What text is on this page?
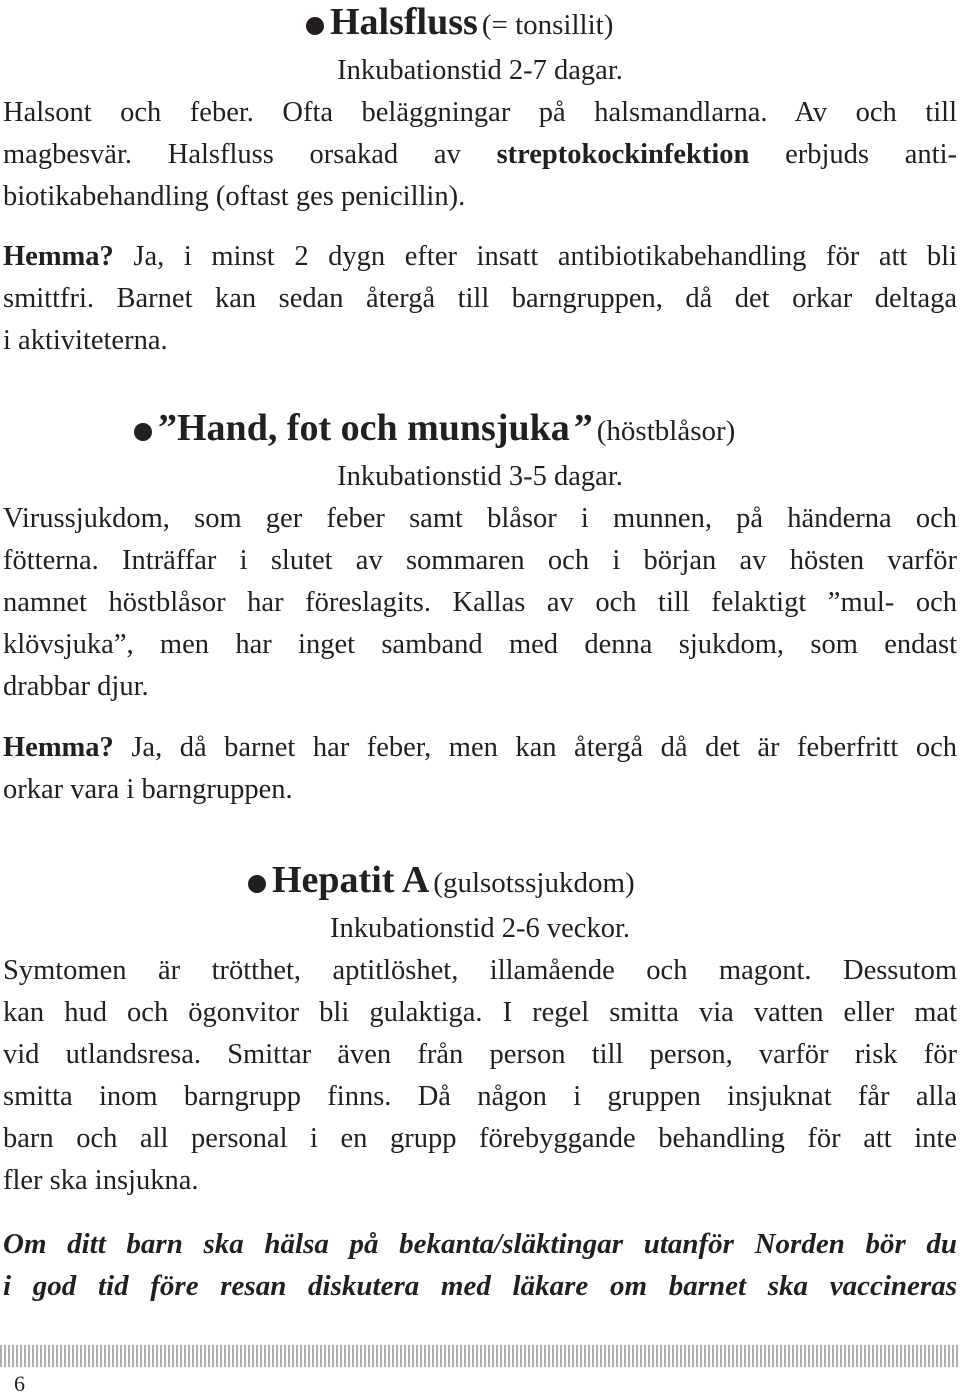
Halsfluss (= tonsillit)
Inkubationstid 2-7 dagar.
Halsont och feber. Ofta beläggningar på halsmandlarna. Av och till
magbesvär. Halsfluss orsakad av streptokockinfektion erbjuds anti-
biotikabehandling (oftast ges penicillin).
Hemma? Ja, i minst 2 dygn efter insatt antibiotikabehandling för att bli
smittfri. Barnet kan sedan återgå till barngruppen, då det orkar deltaga
i aktiviteterna.
”Hand, fot och munsjuka ” (höstblåsor)
Inkubationstid 3-5 dagar.
Virussjukdom, som ger feber samt blåsor i munnen, på händerna och
fötterna. Inträffar i slutet av sommaren och i början av hösten varför
namnet höstblåsor har föreslagits. Kallas av och till felaktigt ”mul- och
klövsjuka”, men har inget samband med denna sjukdom, som endast
drabbar djur.
Hemma? Ja, då barnet har feber, men kan återgå då det är feberfritt och
orkar vara i barngruppen.
Hepatit A (gulsotssjukdom)
Inkubationstid 2-6 veckor.
Symtomen är trötthet, aptitlöshet, illamående och magont. Dessutom
kan hud och ögonvitor bli gulaktiga. I regel smitta via vatten eller mat
vid utlandsresa. Smittar även från person till person, varför risk för
smitta inom barngrupp finns. Då någon i gruppen insjuknat får alla
barn och all personal i en grupp förebyggande behandling för att inte
fler ska insjukna.
Om ditt barn ska hälsa på bekanta/släktingar utanför Norden bör du
i god tid före resan diskutera med läkare om barnet ska vaccineras
6
